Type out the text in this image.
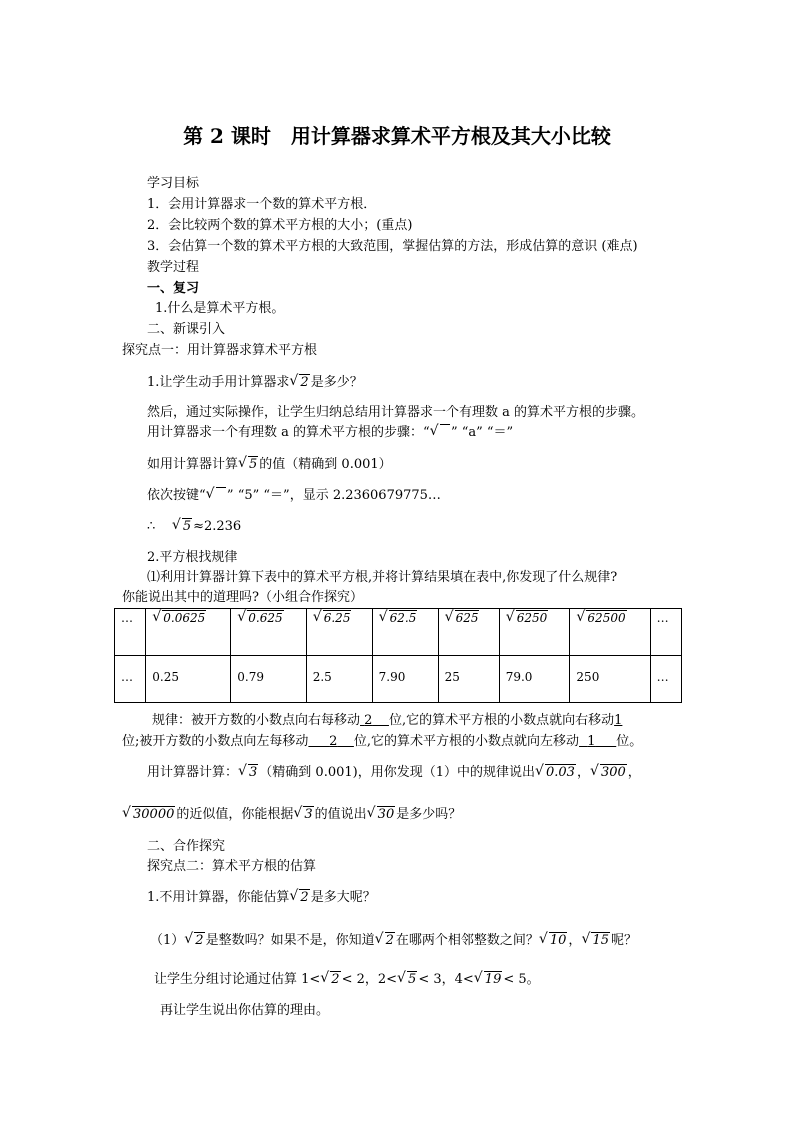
第 2 课时　用计算器求算术平方根及其大小比较
学习目标
1．会用计算器求一个数的算术平方根．
2．会比较两个数的算术平方根的大小；(重点)
3．会估算一个数的算术平方根的大致范围，掌握估算的方法，形成估算的意识 (难点)
教学过程
一、复习
1.什么是算术平方根。
二、新课引入
探究点一：用计算器求算术平方根
1.让学生动手用计算器求 √ 2 是多少？
然后，通过实际操作，让学生归纳总结用计算器求一个有理数 a 的算术平方根的步骤。
用计算器求一个有理数 a 的算术平方根的步骤：“ √ ” “a” “＝”
如用计算器计算 √ 5 的值（精确到 0.001）
依次按键“ √ ” “5” “＝”，显示 2.2360679775…
∴ √ 5 ≈2.236
2.平方根找规律
⑴利用计算器计算下表中的算术平方根,并将计算结果填在表中,你发现了什么规律?
你能说出其中的道理吗?（小组合作探究）
…	√ 0.0625	√ 0.625	√ 6.25	√ 62.5	√ 625	√ 6250	√ 62500	…
…	0.25	0.79	2.5	7.90	25	79.0	250	…
规律：被开方数的小数点向右每移动 2 位,它的算术平方根的小数点就向右移动1
位;被开方数的小数点向左每移动 2 位,它的算术平方根的小数点就向左移动 1 位。
用计算器计算： √ 3 （精确到 0.001)，用你发现（1）中的规律说出 √ 0.03 ， √ 300 ，
√ 30000 的近似值，你能根据 √ 3 的值说出 √ 30 是多少吗？
二、合作探究
探究点二：算术平方根的估算
1.不用计算器，你能估算 √ 2 是多大呢？
（1） √ 2 是整数吗？如果不是，你知道 √ 2 在哪两个相邻整数之间？ √ 10 ， √ 15 呢？
让学生分组讨论通过估算 1< √ 2 < 2，2< √ 5 < 3，4< √ 19 < 5。
再让学生说出你估算的理由。
